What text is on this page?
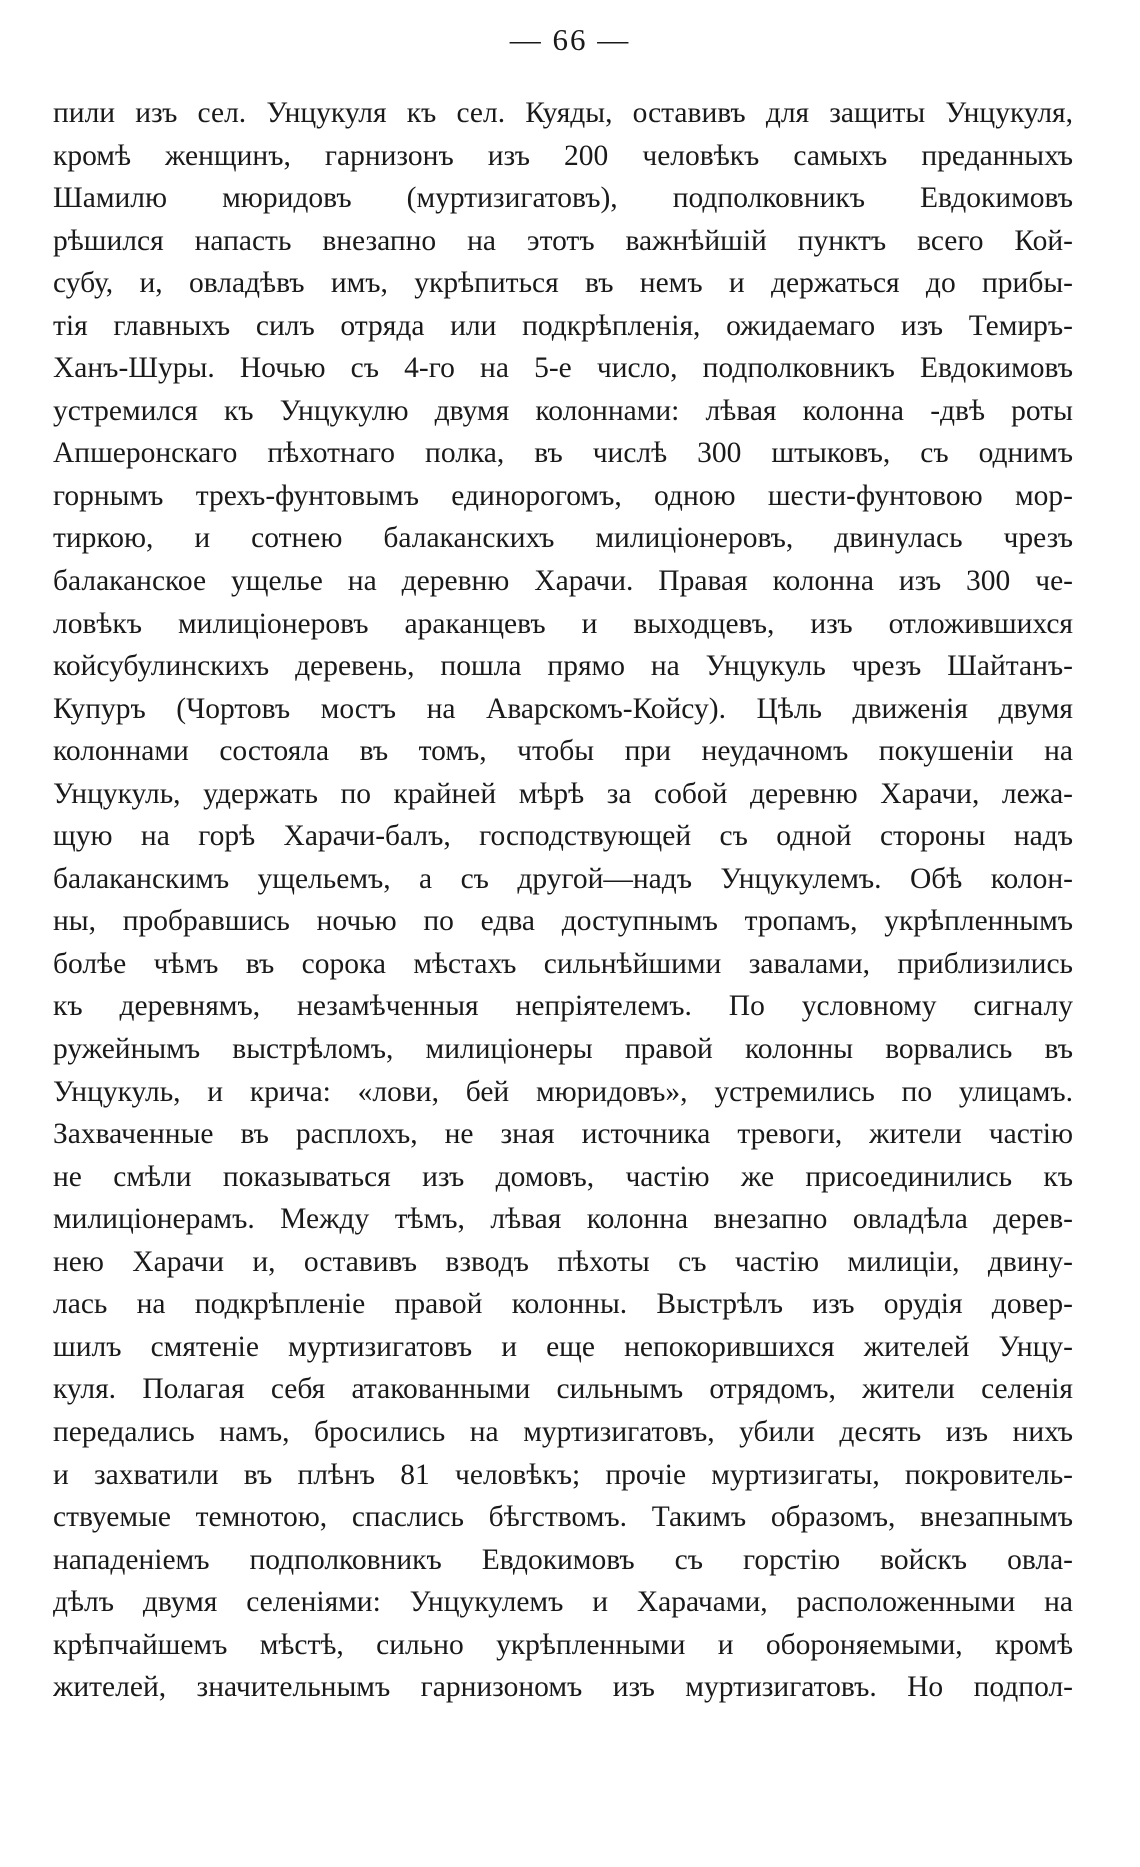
— 66 —
пили изъ сел. Унцукуля къ сел. Куяды, оставивъ для защиты Унцукуля,
кромѣ женщинъ, гарнизонъ изъ 200 человѣкъ самыхъ преданныхъ
Шамилю мюридовъ (муртизигатовъ), подполковникъ Евдокимовъ
рѣшился напасть внезапно на этотъ важнѣйшій пунктъ всего Кой-
субу, и, овладѣвъ имъ, укрѣпиться въ немъ и держаться до прибы-
тія главныхъ силъ отряда или подкрѣпленія, ожидаемаго изъ Темиръ-
Ханъ-Шуры. Ночью съ 4-го на 5-е число, подполковникъ Евдокимовъ
устремился къ Унцукулю двумя колоннами: лѣвая колонна -двѣ роты
Апшеронскаго пѣхотнаго полка, въ числѣ 300 штыковъ, съ однимъ
горнымъ трехъ-фунтовымъ единорогомъ, одною шести-фунтовою мор-
тиркою, и сотнею балаканскихъ милиціонеровъ, двинулась чрезъ
балаканское ущелье на деревню Харачи. Правая колонна изъ 300 че-
ловѣкъ милиціонеровъ араканцевъ и выходцевъ, изъ отложившихся
койсубулинскихъ деревень, пошла прямо на Унцукуль чрезъ Шайтанъ-
Купуръ (Чортовъ мостъ на Аварскомъ-Койсу). Цѣль движенія двумя
колоннами состояла въ томъ, чтобы при неудачномъ покушеніи на
Унцукуль, удержать по крайней мѣрѣ за собой деревню Харачи, лежа-
щую на горѣ Харачи-балъ, господствующей съ одной стороны надъ
балаканскимъ ущельемъ, а съ другой—надъ Унцукулемъ. Обѣ колон-
ны, пробравшись ночью по едва доступнымъ тропамъ, укрѣпленнымъ
болѣе чѣмъ въ сорока мѣстахъ сильнѣйшими завалами, приблизились
къ деревнямъ, незамѣченныя непріятелемъ. По условному сигналу
ружейнымъ выстрѣломъ, милиціонеры правой колонны ворвались въ
Унцукуль, и крича: «лови, бей мюридовъ», устремились по улицамъ.
Захваченные въ расплохъ, не зная источника тревоги, жители частію
не смѣли показываться изъ домовъ, частію же присоединились къ
милиціонерамъ. Между тѣмъ, лѣвая колонна внезапно овладѣла дерев-
нею Харачи и, оставивъ взводъ пѣхоты съ частію милиціи, двину-
лась на подкрѣпленіе правой колонны. Выстрѣлъ изъ орудія довер-
шилъ смятеніе муртизигатовъ и еще непокорившихся жителей Унцу-
куля. Полагая себя атакованными сильнымъ отрядомъ, жители селенія
передались намъ, бросились на муртизигатовъ, убили десять изъ нихъ
и захватили въ плѣнъ 81 человѣкъ; прочіе муртизигаты, покровитель-
ствуемые темнотою, спаслись бѣгствомъ. Такимъ образомъ, внезапнымъ
нападеніемъ подполковникъ Евдокимовъ съ горстію войскъ овла-
дѣлъ двумя селеніями: Унцукулемъ и Харачами, расположенными на
крѣпчайшемъ мѣстѣ, сильно укрѣпленными и обороняемыми, кромѣ
жителей, значительнымъ гарнизономъ изъ муртизигатовъ. Но подпол-
